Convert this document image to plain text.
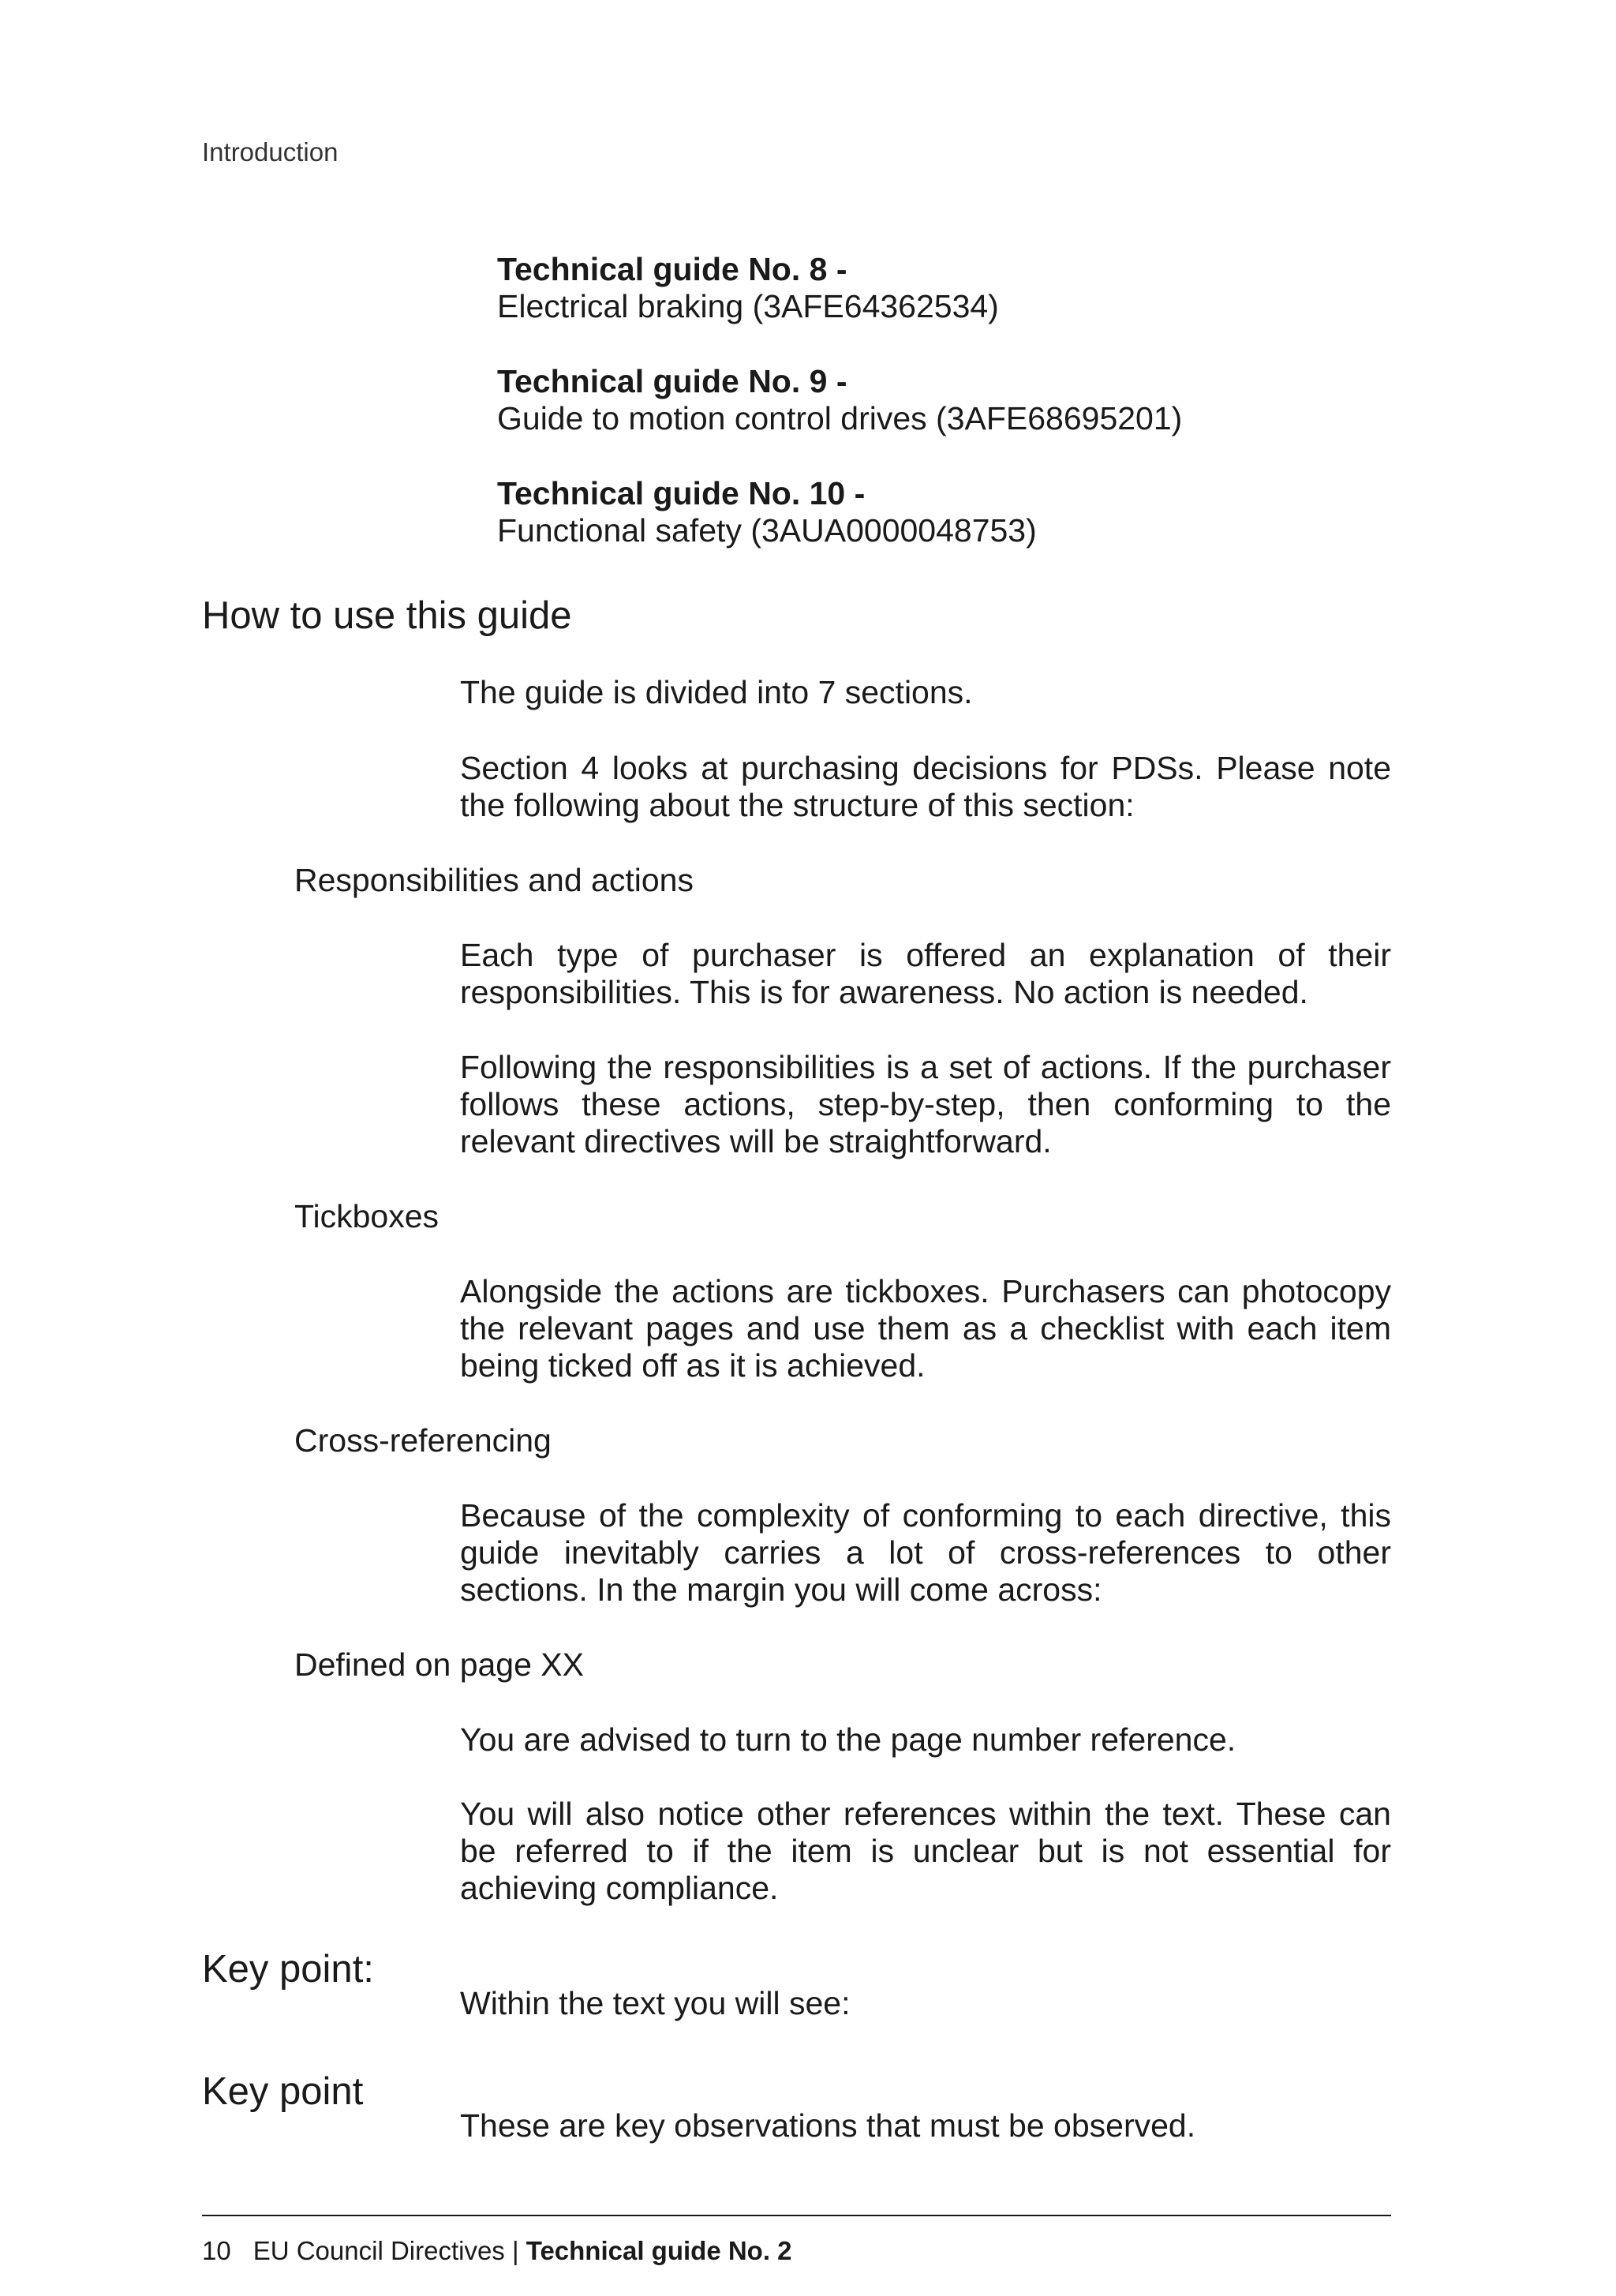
Introduction
Technical guide No. 8 -
Electrical braking (3AFE64362534)
Technical guide No. 9 -
Guide to motion control drives (3AFE68695201)
Technical guide No. 10 -
Functional safety (3AUA0000048753)
How to use this guide
The guide is divided into 7 sections.
Section 4 looks at purchasing decisions for PDSs. Please note the following about the structure of this section:
Responsibilities and actions
Each type of purchaser is offered an explanation of their responsibilities. This is for awareness. No action is needed.
Following the responsibilities is a set of actions. If the purchaser follows these actions, step-by-step, then conforming to the relevant directives will be straightforward.
Tickboxes
Alongside the actions are tickboxes. Purchasers can photocopy the relevant pages and use them as a checklist with each item being ticked off as it is achieved.
Cross-referencing
Because of the complexity of conforming to each directive, this guide inevitably carries a lot of cross-references to other sections. In the margin you will come across:
Defined on page XX
You are advised to turn to the page number reference.
You will also notice other references within the text. These can be referred to if the item is unclear but is not essential for achieving compliance.
Key point:
Within the text you will see:
Key point
These are key observations that must be observed.
10 EU Council Directives | Technical guide No. 2
